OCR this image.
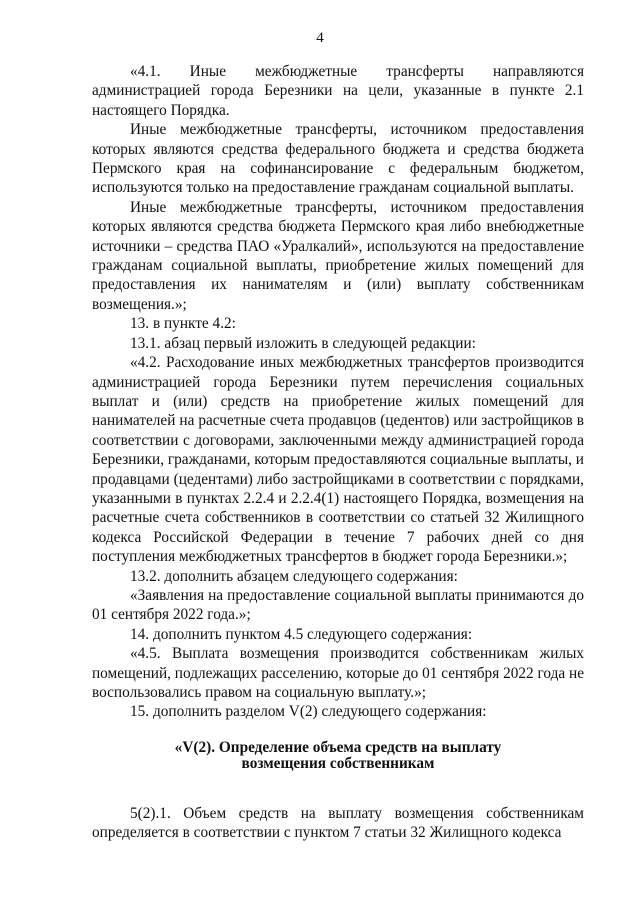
4

«4.1. Иные межбюджетные трансферты направляются администрацией города Березники на цели, указанные в пункте 2.1 настоящего Порядка.

Иные межбюджетные трансферты, источником предоставления которых являются средства федерального бюджета и средства бюджета Пермского края на софинансирование с федеральным бюджетом, используются только на предоставление гражданам социальной выплаты.

Иные межбюджетные трансферты, источником предоставления которых являются средства бюджета Пермского края либо внебюджетные источники – средства ПАО «Уралкалий», используются на предоставление гражданам социальной выплаты, приобретение жилых помещений для предоставления их нанимателям и (или) выплату собственникам возмещения.»;

13. в пункте 4.2:

13.1. абзац первый изложить в следующей редакции:

«4.2. Расходование иных межбюджетных трансфертов производится администрацией города Березники путем перечисления социальных выплат и (или) средств на приобретение жилых помещений для нанимателей на расчетные счета продавцов (цедентов) или застройщиков в соответствии с договорами, заключенными между администрацией города Березники, гражданами, которым предоставляются социальные выплаты, и продавцами (цедентами) либо застройщиками в соответствии с порядками, указанными в пунктах 2.2.4 и 2.2.4(1) настоящего Порядка, возмещения на расчетные счета собственников в соответствии со статьей 32 Жилищного кодекса Российской Федерации в течение 7 рабочих дней со дня поступления межбюджетных трансфертов в бюджет города Березники.»;

13.2. дополнить абзацем следующего содержания:

«Заявления на предоставление социальной выплаты принимаются до 01 сентября 2022 года.»;

14. дополнить пунктом 4.5 следующего содержания:

«4.5. Выплата возмещения производится собственникам жилых помещений, подлежащих расселению, которые до 01 сентября 2022 года не воспользовались правом на социальную выплату.»;

15. дополнить разделом V(2) следующего содержания:

«V(2). Определение объема средств на выплату
возмещения собственникам

5(2).1. Объем средств на выплату возмещения собственникам определяется в соответствии с пунктом 7 статьи 32 Жилищного кодекса
